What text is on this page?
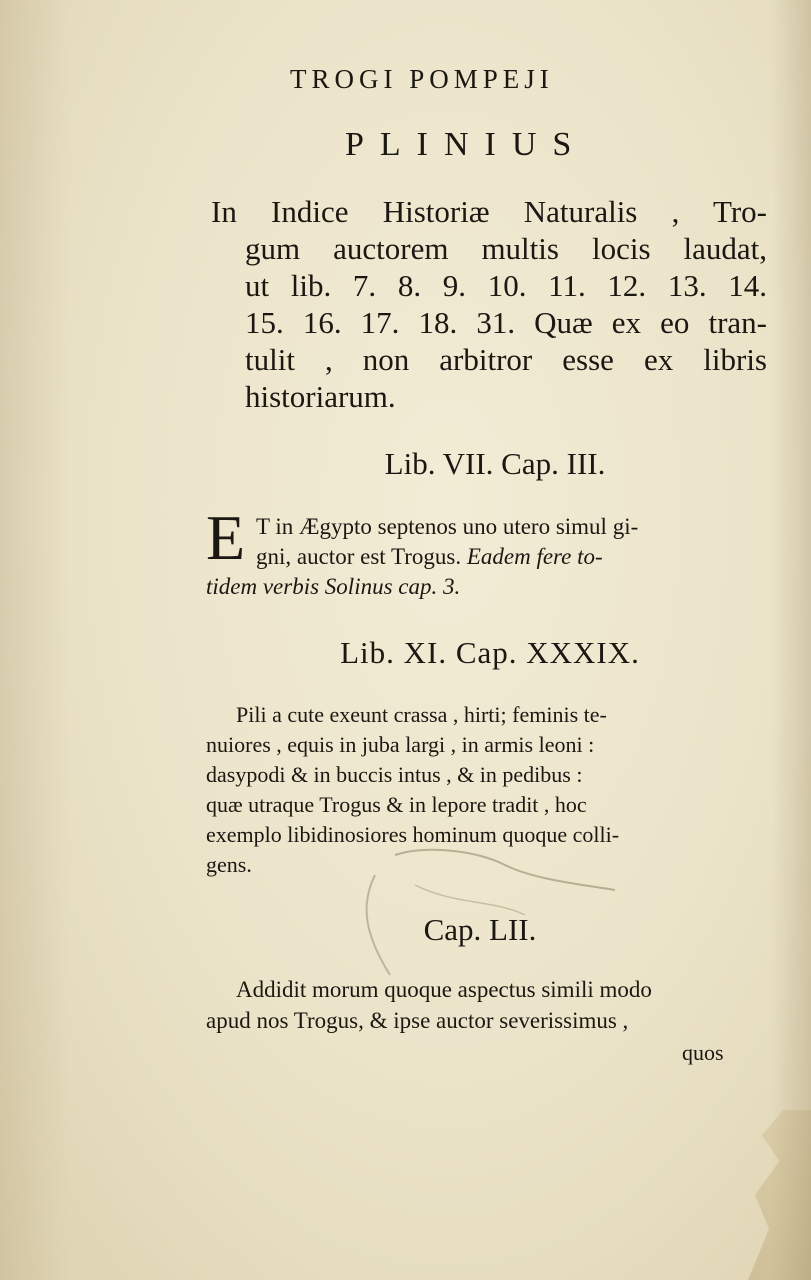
TROGI POMPEJI
PLINIUS
In Indice Historiæ Naturalis , Tro-
gum auctorem multis locis laudat,
ut lib. 7. 8. 9. 10. 11. 12. 13. 14.
15. 16. 17. 18. 31. Quæ ex eo tran-
tulit , non arbitror esse ex libris
historiarum.
Lib. VII. Cap. III.
E T in Ægypto septenos uno utero simul gi-
gni, auctor est Trogus. Eadem fere to-
tidem verbis Solinus cap. 3.
Lib. XI. Cap. XXXIX.
Pili a cute exeunt crassa , hirti; feminis te-
nuiores , equis in juba largi , in armis leoni :
dasypodi & in buccis intus , & in pedibus :
quæ utraque Trogus & in lepore tradit , hoc
exemplo libidinosiores hominum quoque colli-
gens.
Cap. LII.
Addidit morum quoque aspectus simili modo
apud nos Trogus, & ipse auctor severissimus ,
quos
